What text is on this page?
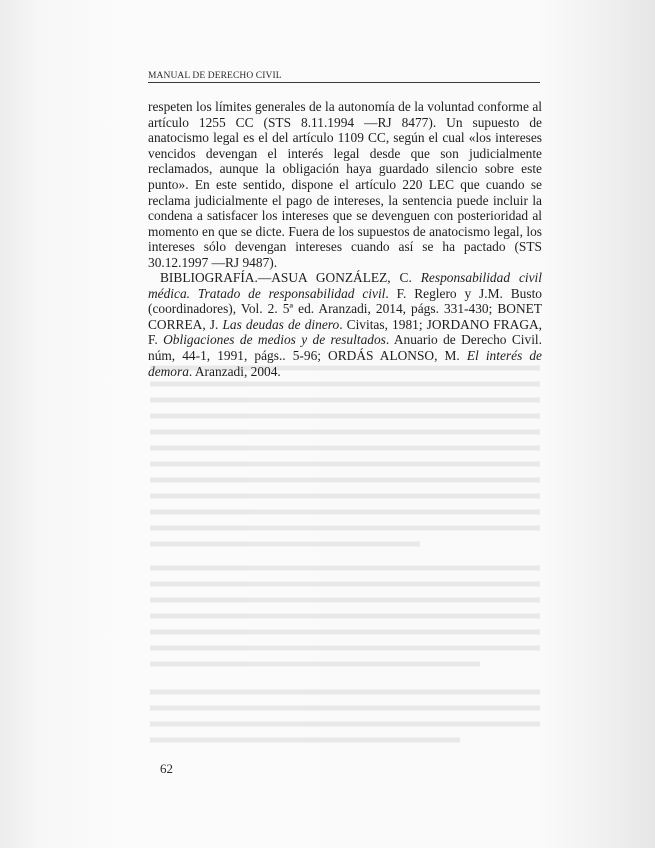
MANUAL DE DERECHO CIVIL

respeten los límites generales de la autonomía de la voluntad conforme al artículo 1255 CC (STS 8.11.1994 —RJ 8477). Un supuesto de anatocismo legal es el del artículo 1109 CC, según el cual «los intereses vencidos devengan el interés legal desde que son judicialmente reclamados, aunque la obligación haya guardado silencio sobre este punto». En este sentido, dispone el artículo 220 LEC que cuando se reclama judicialmente el pago de intereses, la sentencia puede incluir la condena a satisfacer los intereses que se devenguen con posterioridad al momento en que se dicte. Fuera de los supuestos de anatocismo legal, los intereses sólo devengan intereses cuando así se ha pactado (STS 30.12.1997 —RJ 9487).

BIBLIOGRAFÍA.—ASUA GONZÁLEZ, C. Responsabilidad civil médica. Tratado de responsabilidad civil. F. Reglero y J.M. Busto (coordinadores), Vol. 2. 5ª ed. Aranzadi, 2014, págs. 331-430; BONET CORREA, J. Las deudas de dinero. Civitas, 1981; JORDANO FRAGA, F. Obligaciones de medios y de resultados. Anuario de Derecho Civil. núm, 44-1, 1991, págs.. 5-96; ORDÁS ALONSO, M. El interés de demora. Aranzadi, 2004.

62
